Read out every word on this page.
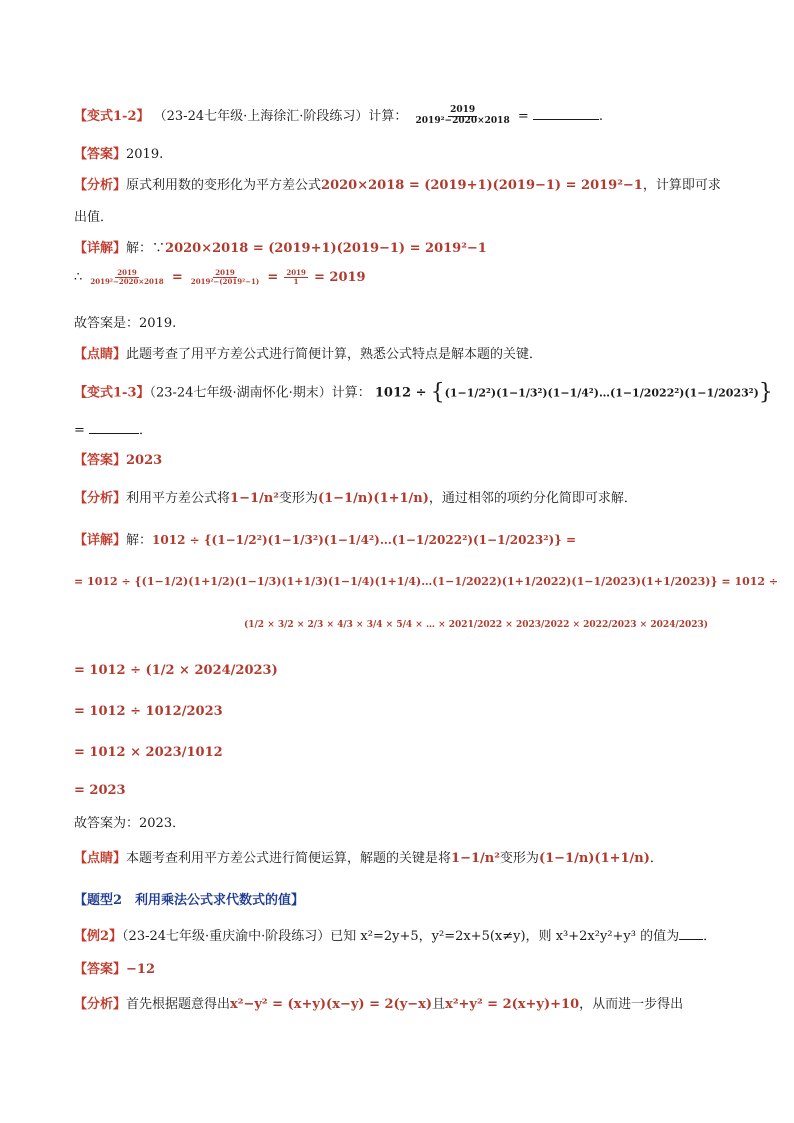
【变式1-2】 （23-24七年级·上海徐汇·阶段练习）计算： $\frac{2019}{\text{2019²−2020×2018}}$ =	.
【答案】2019.
【分析】原式利用数的变形化为平方差公式2020×2018 = (2019+1)(2019−1) = 2019²−1，计算即可求
出值．
【详解】解：∵2020×2018 = (2019+1)(2019−1) = 2019²−1
∴ $\frac{2019}{\text{2019²−2020×2018}} = \frac{2019}{\text{2019²−(2019²−1)}} = \frac{2019}{1} = 2019$
故答案是：2019.
【点睛】此题考查了用平方差公式进行简便计算，熟悉公式特点是解本题的关键．
【变式1-3】（23-24七年级·湖南怀化·期末）计算： 1012 ÷ {(1−1/2²)(1−1/3²)(1−1/4²)…(1−1/2022²)(1−1/2023²)}
=	．
【答案】2023
【分析】利用平方差公式将1−1/n²变形为(1−1/n)(1+1/n)，通过相邻的项约分化简即可求解．
【详解】解：1012 ÷ {(1−1/2²)(1−1/3²)(1−1/4²)…(1−1/2022²)(1−1/2023²)} =
= 1012 ÷ {(1−1/2)(1+1/2)(1−1/3)(1+1/3)(1−1/4)(1+1/4)…(1−1/2022)(1+1/2022)(1−1/2023)(1+1/2023)} = 1012 ÷
(1/2 × 3/2 × 2/3 × 4/3 × 3/4 × 5/4 × … × 2021/2022 × 2023/2022 × 2022/2023 × 2024/2023)
= 1012 ÷ (1/2 × 2024/2023)
= 1012 ÷ 1012/2023
= 1012 × 2023/1012
= 2023
故答案为：2023．
【点睛】本题考查利用平方差公式进行简便运算，解题的关键是将1−1/n²变形为(1−1/n)(1+1/n)．
【题型2　利用乘法公式求代数式的值】
【例2】（23-24七年级·重庆渝中·阶段练习）已知 x²=2y+5，y²=2x+5(x≠y)，则 x³+2x²y²+y³ 的值为 ．
【答案】−12
【分析】首先根据题意得出x²−y² = (x+y)(x−y) = 2(y−x)且x²+y² = 2(x+y)+10，从而进一步得出
